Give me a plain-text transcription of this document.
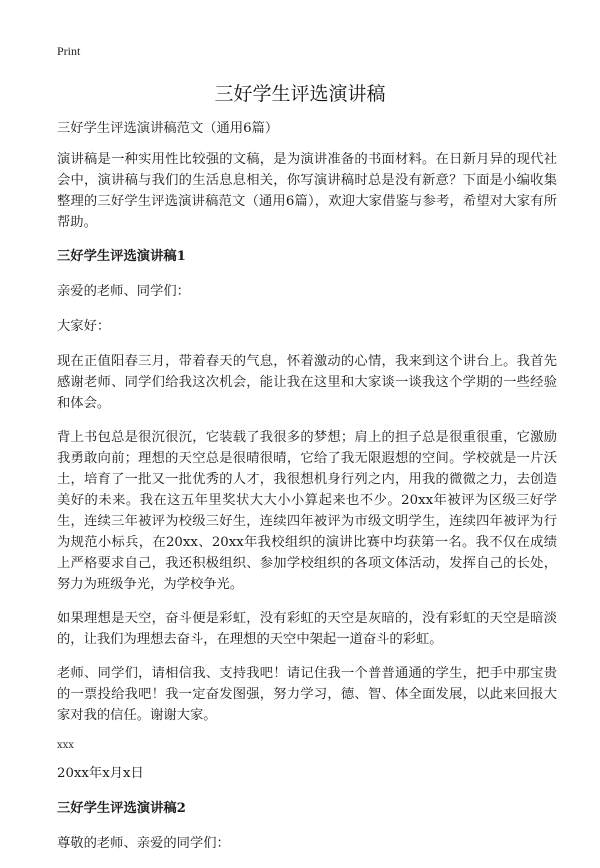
Print
三好学生评选演讲稿

三好学生评选演讲稿范文（通用6篇）

演讲稿是一种实用性比较强的文稿，是为演讲准备的书面材料。在日新月异的现代社会中，演讲稿与我们的生活息息相关，你写演讲稿时总是没有新意？下面是小编收集整理的三好学生评选演讲稿范文（通用6篇），欢迎大家借鉴与参考，希望对大家有所帮助。

三好学生评选演讲稿1

亲爱的老师、同学们：

大家好：

现在正值阳春三月，带着春天的气息，怀着激动的心情，我来到这个讲台上。我首先感谢老师、同学们给我这次机会，能让我在这里和大家谈一谈我这个学期的一些经验和体会。

背上书包总是很沉很沉，它装载了我很多的梦想；肩上的担子总是很重很重，它激励我勇敢向前；理想的天空总是很晴很晴，它给了我无限遐想的空间。学校就是一片沃土，培育了一批又一批优秀的人才，我很想机身行列之内，用我的微微之力，去创造美好的未来。我在这五年里奖状大大小小算起来也不少。20xx年被评为区级三好学生，连续三年被评为校级三好生，连续四年被评为市级文明学生，连续四年被评为行为规范小标兵，在20xx、20xx年我校组织的演讲比赛中均获第一名。我不仅在成绩上严格要求自己，我还积极组织、参加学校组织的各项文体活动，发挥自己的长处，努力为班级争光，为学校争光。

如果理想是天空，奋斗便是彩虹，没有彩虹的天空是灰暗的，没有彩虹的天空是暗淡的，让我们为理想去奋斗，在理想的天空中架起一道奋斗的彩虹。

老师、同学们，请相信我、支持我吧！请记住我一个普普通通的学生，把手中那宝贵的一票投给我吧！我一定奋发图强，努力学习，德、智、体全面发展，以此来回报大家对我的信任。谢谢大家。

xxx

20xx年x月x日

三好学生评选演讲稿2

尊敬的老师、亲爱的同学们：
